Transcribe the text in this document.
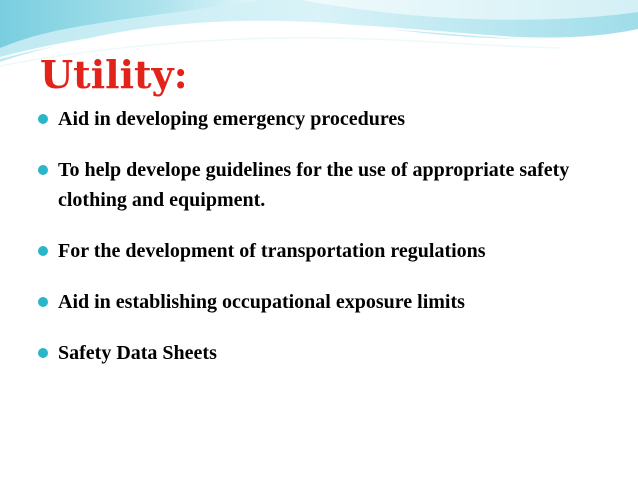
Utility:
Aid in developing emergency procedures
To help develope guidelines for the use of appropriate safety clothing and equipment.
For the development of transportation regulations
Aid in establishing occupational exposure limits
Safety Data Sheets
